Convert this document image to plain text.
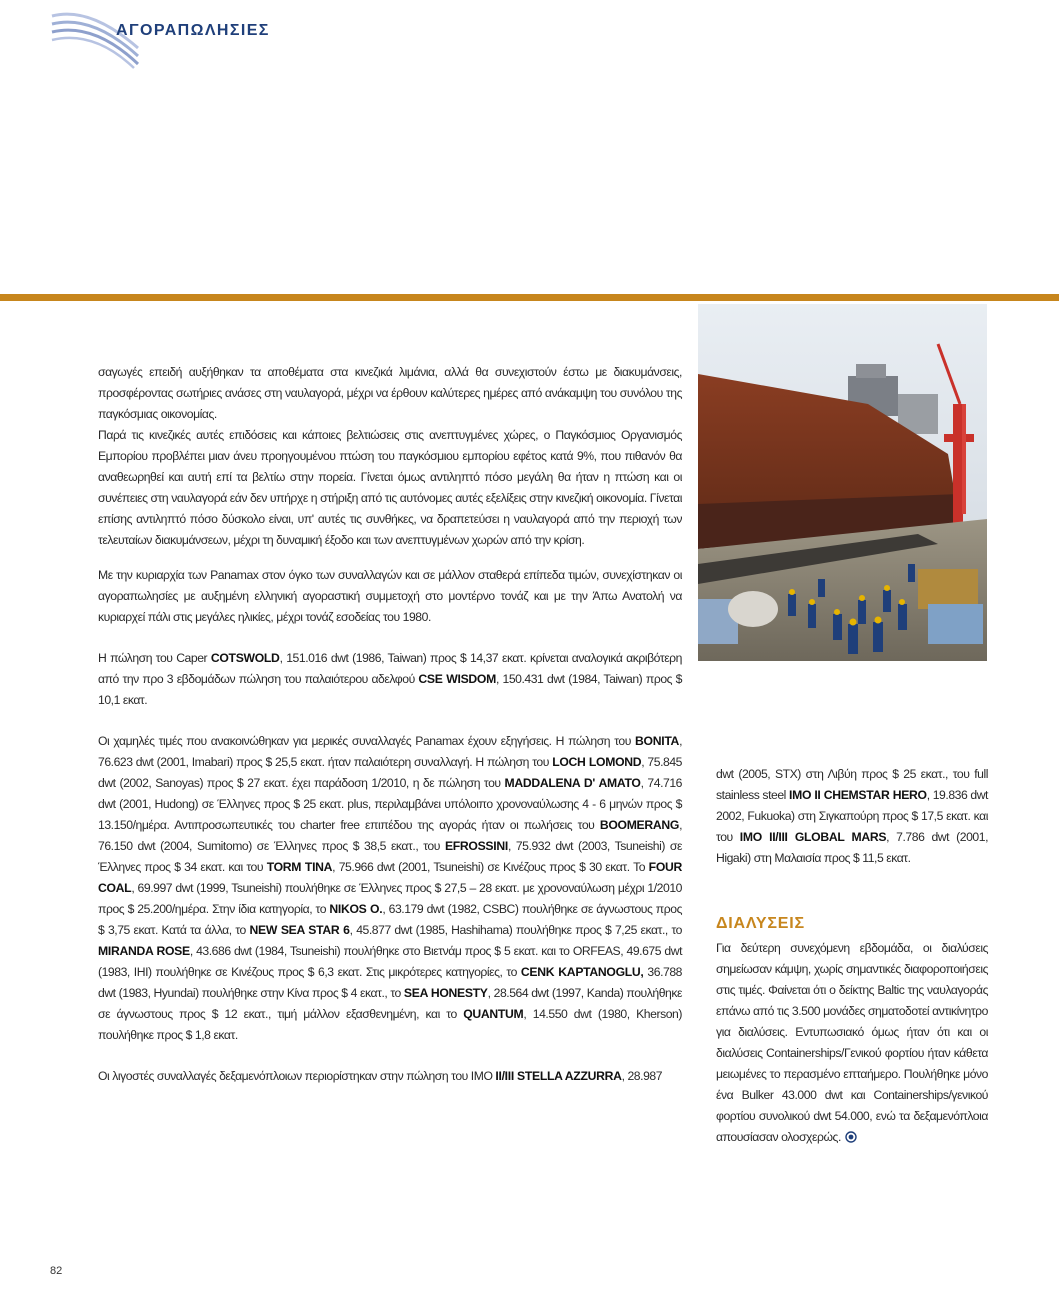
ΑΓΟΡΑΠΩΛΗΣΙΕΣ

σαγωγές επειδή αυξήθηκαν τα αποθέματα στα κινεζικά λιμάνια, αλλά θα συνεχιστούν έστω με διακυμάνσεις, προσφέροντας σωτήριες ανάσες στη ναυλαγορά, μέχρι να έρθουν καλύτερες ημέρες από ανάκαμψη του συνόλου της παγκόσμιας οικονομίας.

Παρά τις κινεζικές αυτές επιδόσεις και κάποιες βελτιώσεις στις ανεπτυγμένες χώρες, ο Παγκόσμιος Οργανισμός Εμπορίου προβλέπει μιαν άνευ προηγουμένου πτώση του παγκόσμιου εμπορίου εφέτος κατά 9%, που πιθανόν θα αναθεωρηθεί και αυτή επί τα βελτίω στην πορεία. Γίνεται όμως αντιληπτό πόσο μεγάλη θα ήταν η πτώση και οι συνέπειες στη ναυλαγορά εάν δεν υπήρχε η στήριξη από τις αυτόνομες αυτές εξελίξεις στην κινεζική οικονομία. Γίνεται επίσης αντιληπτό πόσο δύσκολο είναι, υπ' αυτές τις συνθήκες, να δραπετεύσει η ναυλαγορά από την περιοχή των τελευταίων διακυμάνσεων, μέχρι τη δυναμική έξοδο και των ανεπτυγμένων χωρών από την κρίση.

Με την κυριαρχία των Panamax στον όγκο των συναλλαγών και σε μάλλον σταθερά επίπεδα τιμών, συνεχίστηκαν οι αγοραπωλησίες με αυξημένη ελληνική αγοραστική συμμετοχή στο μοντέρνο τονάζ και με την Άπω Ανατολή να κυριαρχεί πάλι στις μεγάλες ηλικίες, μέχρι τονάζ εσοδείας του 1980.

Η πώληση του Caper COTSWOLD, 151.016 dwt (1986, Taiwan) προς $ 14,37 εκατ. κρίνεται αναλογικά ακριβότερη από την προ 3 εβδομάδων πώληση του παλαιότερου αδελφού CSE WISDOM, 150.431 dwt (1984, Taiwan) προς $ 10,1 εκατ.

Οι χαμηλές τιμές που ανακοινώθηκαν για μερικές συναλλαγές Panamax έχουν εξηγήσεις. Η πώληση του BONITA, 76.623 dwt (2001, Imabari) προς $ 25,5 εκατ. ήταν παλαιότερη συναλλαγή. Η πώληση του LOCH LOMOND, 75.845 dwt (2002, Sanoyas) προς $ 27 εκατ. έχει παράδοση 1/2010, η δε πώληση του MADDALENA D' AMATO, 74.716 dwt (2001, Hudong) σε Έλληνες προς $ 25 εκατ. plus, περιλαμβάνει υπόλοιπο χρονοναύλωσης 4 - 6 μηνών προς $ 13.150/ημέρα. Αντιπροσωπευτικές του charter free επιπέδου της αγοράς ήταν οι πωλήσεις του BOOMERANG, 76.150 dwt (2004, Sumitomo) σε Έλληνες προς $ 38,5 εκατ., του EFROSSINI, 75.932 dwt (2003, Tsuneishi) σε Έλληνες προς $ 34 εκατ. και του TORM TINA, 75.966 dwt (2001, Tsuneishi) σε Κινέζους προς $ 30 εκατ. Το FOUR COAL, 69.997 dwt (1999, Tsuneishi) πουλήθηκε σε Έλληνες προς $ 27,5 – 28 εκατ. με χρονοναύλωση μέχρι 1/2010 προς $ 25.200/ημέρα. Στην ίδια κατηγορία, το NIKOS O., 63.179 dwt (1982, CSBC) πουλήθηκε σε άγνωστους προς $ 3,75 εκατ. Κατά τα άλλα, το NEW SEA STAR 6, 45.877 dwt (1985, Hashihama) πουλήθηκε προς $ 7,25 εκατ., το MIRANDA ROSE, 43.686 dwt (1984, Tsuneishi) πουλήθηκε στο Βιετνάμ προς $ 5 εκατ. και το ORFEAS, 49.675 dwt (1983, IHI) πουλήθηκε σε Κινέζους προς $ 6,3 εκατ. Στις μικρότερες κατηγορίες, το CENK KAPTANOGLU, 36.788 dwt (1983, Hyundai) πουλήθηκε στην Κίνα προς $ 4 εκατ., το SEA HONESTY, 28.564 dwt (1997, Kanda) πουλήθηκε σε άγνωστους προς $ 12 εκατ., τιμή μάλλον εξασθενημένη, και το QUANTUM, 14.550 dwt (1980, Kherson) πουλήθηκε προς $ 1,8 εκατ.

Οι λιγοστές συναλλαγές δεξαμενόπλοιων περιορίστηκαν στην πώληση του IMO II/III STELLA AZZURRA, 28.987

dwt (2005, STX) στη Λιβύη προς $ 25 εκατ., του full stainless steel IMO II CHEMSTAR HERO, 19.836 dwt 2002, Fukuoka) στη Σιγκαπούρη προς $ 17,5 εκατ. και του IMO II/III GLOBAL MARS, 7.786 dwt (2001, Higaki) στη Μαλαισία προς $ 11,5 εκατ.

ΔΙΑΛΥΣΕΙΣ

Για δεύτερη συνεχόμενη εβδομάδα, οι διαλύσεις σημείωσαν κάμψη, χωρίς σημαντικές διαφοροποιήσεις στις τιμές. Φαίνεται ότι ο δείκτης Baltic της ναυλαγοράς επάνω από τις 3.500 μονάδες σηματοδοτεί αντικίνητρο για διαλύσεις. Εντυπωσιακό όμως ήταν ότι και οι διαλύσεις Containerships/Γενικού φορτίου ήταν κάθετα μειωμένες το περασμένο επταήμερο. Πουλήθηκε μόνο ένα Bulker 43.000 dwt και Containerships/γενικού φορτίου συνολικού dwt 54.000, ενώ τα δεξαμενόπλοια απουσίασαν ολοσχερώς.

82
